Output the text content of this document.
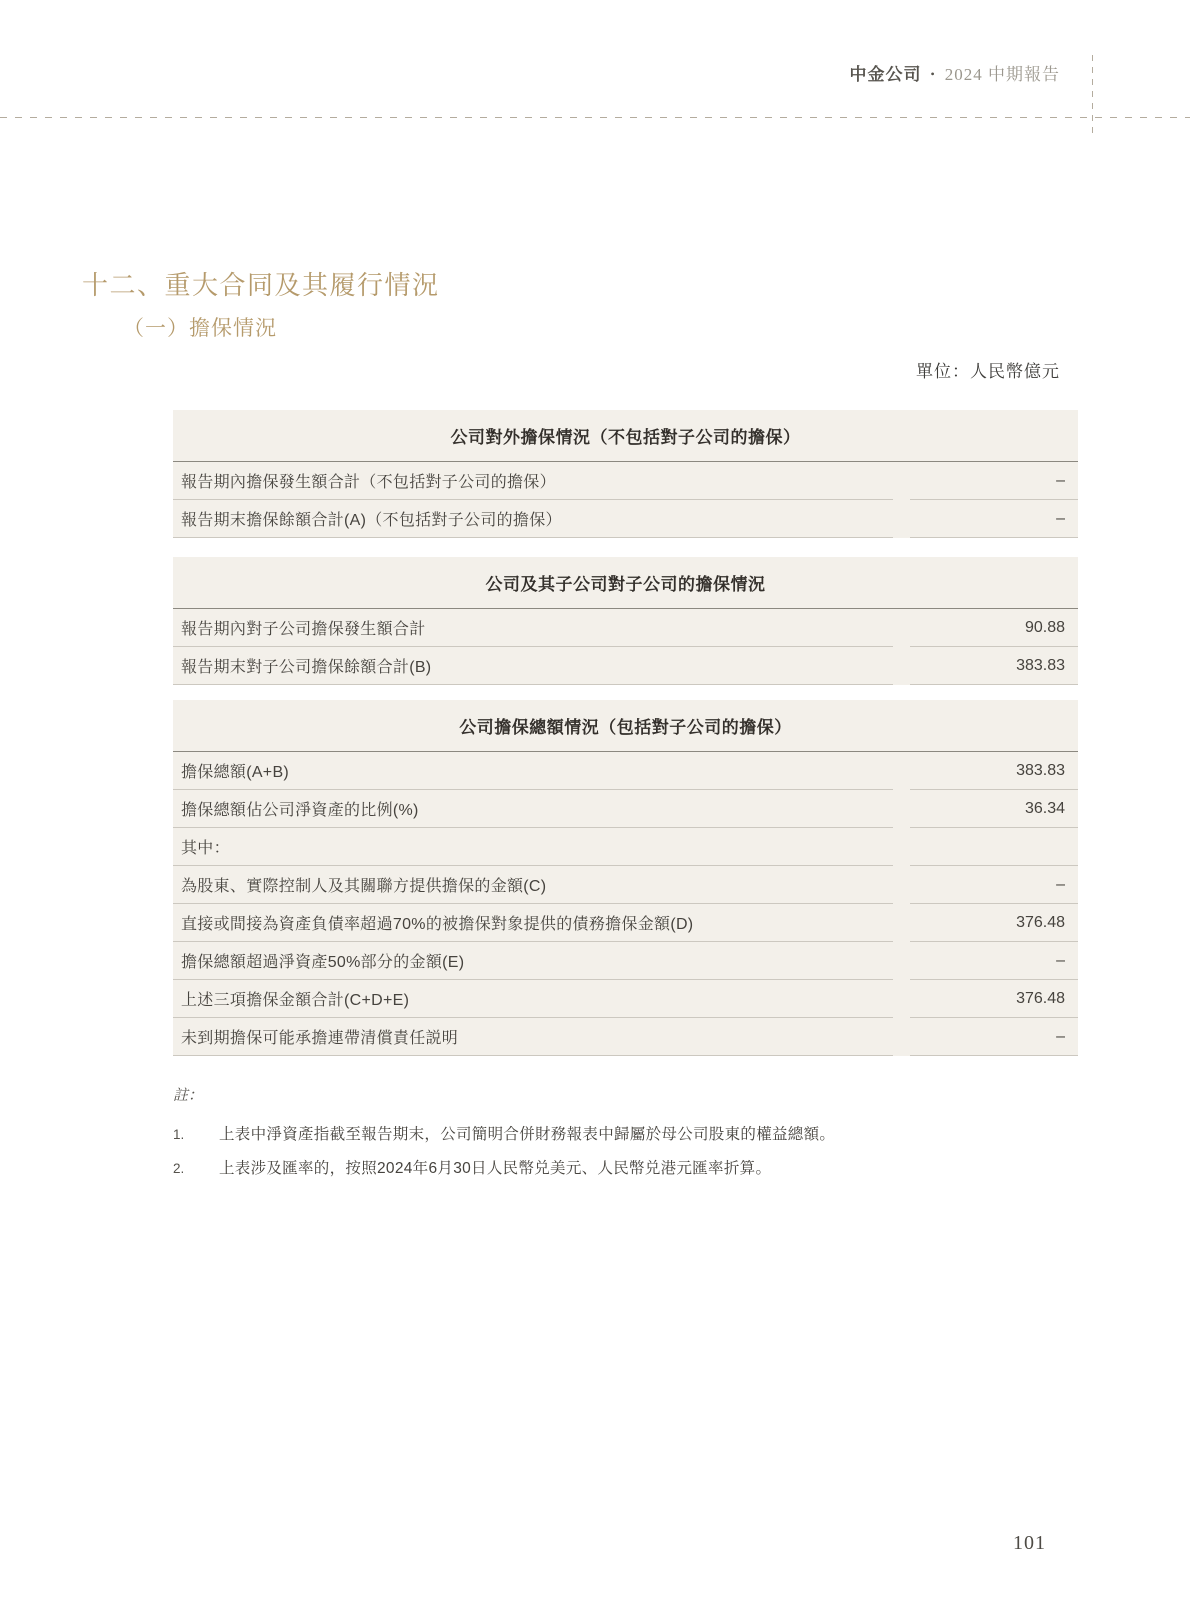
中金公司 • 2024 中期報告
十二、重大合同及其履行情況
（一）擔保情況
單位：人民幣億元
公司對外擔保情況（不包括對子公司的擔保）
報告期內擔保發生額合計（不包括對子公司的擔保）	–
報告期末擔保餘額合計(A)（不包括對子公司的擔保）	–
公司及其子公司對子公司的擔保情況
報告期內對子公司擔保發生額合計	90.88
報告期末對子公司擔保餘額合計(B)	383.83
公司擔保總額情況（包括對子公司的擔保）
擔保總額(A+B)	383.83
擔保總額佔公司淨資產的比例(%)	36.34
其中：
為股東、實際控制人及其關聯方提供擔保的金額(C)	–
直接或間接為資產負債率超過70%的被擔保對象提供的債務擔保金額(D)	376.48
擔保總額超過淨資產50%部分的金額(E)	–
上述三項擔保金額合計(C+D+E)	376.48
未到期擔保可能承擔連帶清償責任説明	–
註：
1.	上表中淨資產指截至報告期末，公司簡明合併財務報表中歸屬於母公司股東的權益總額。
2.	上表涉及匯率的，按照2024年6月30日人民幣兑美元、人民幣兑港元匯率折算。
101
